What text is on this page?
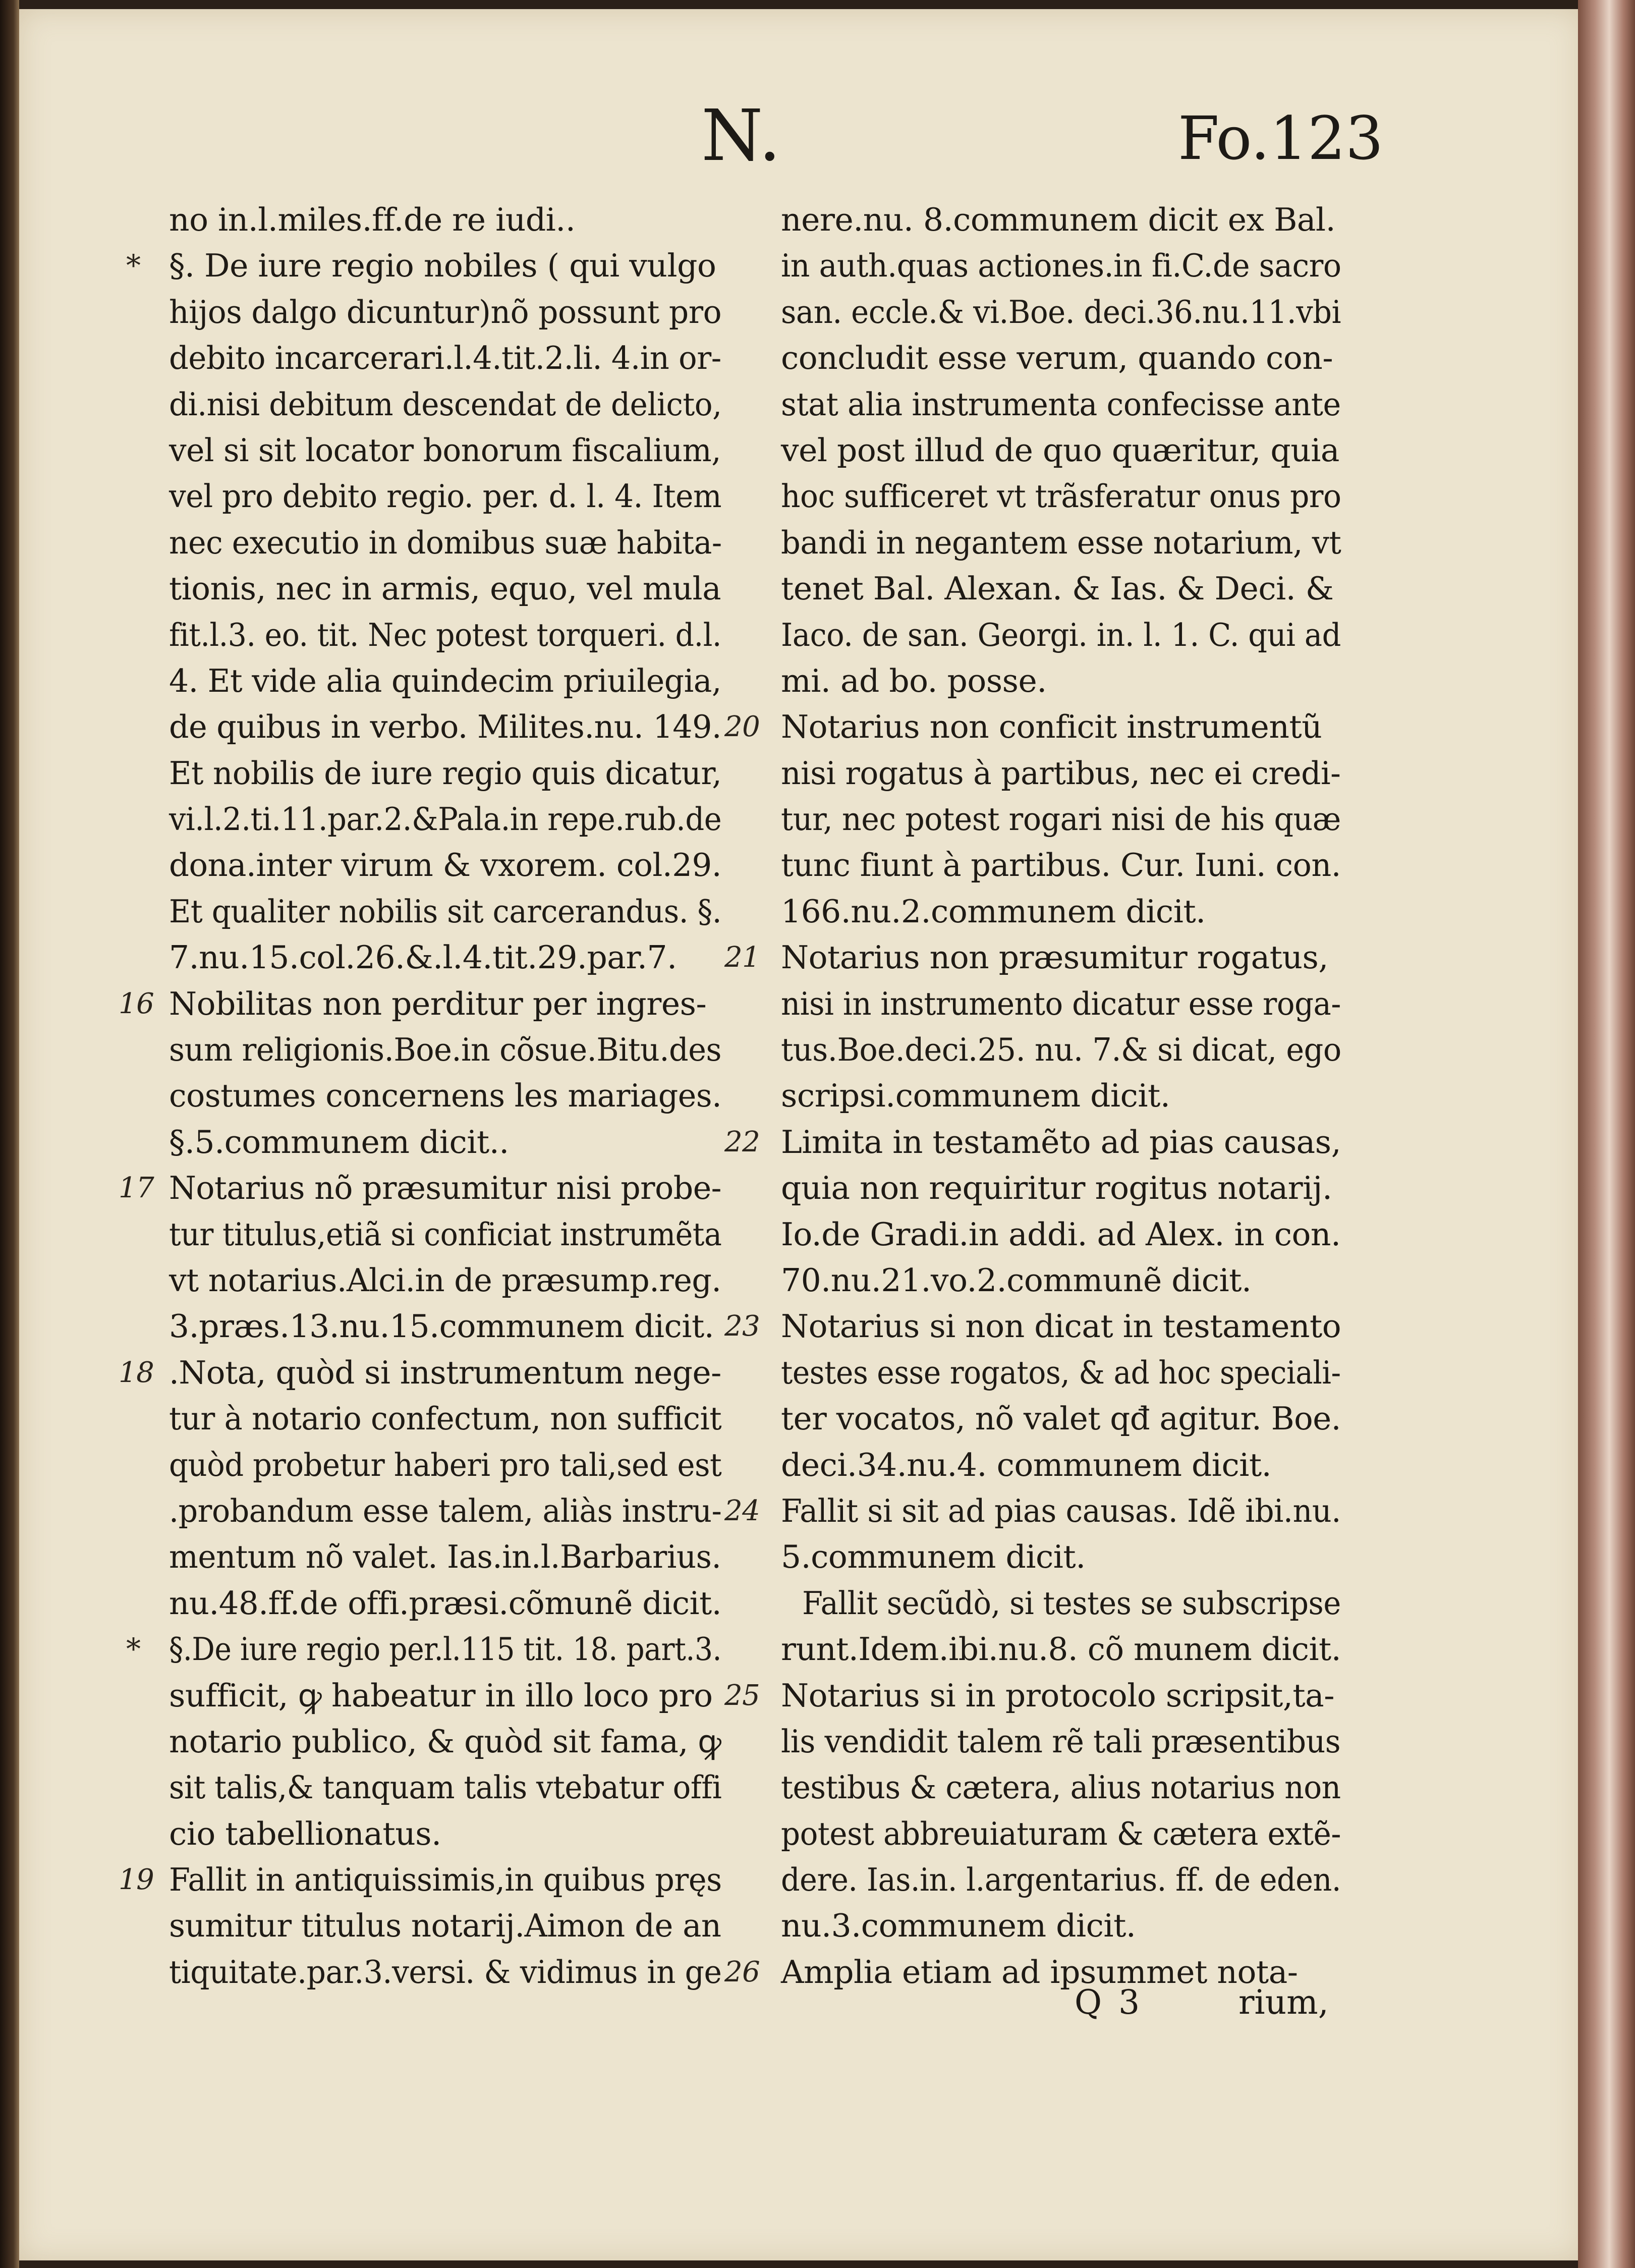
N.	Fo.123
no in.l.miles.ff.de re iudi..
* §. De iure regio nobiles ( qui vulgo
hijos dalgo dicuntur)nõ possunt pro
debito incarcerari.l.4.tit.2.li. 4.in or-
di.nisi debitum descendat de delicto,
vel si sit locator bonorum fiscalium,
vel pro debito regio. per. d. l. 4. Item
nec executio in domibus suæ habita-
tionis, nec in armis, equo, vel mula
fit.l.3. eo. tit. Nec potest torqueri. d.l.
4. Et vide alia quindecim priuilegia,
de quibus in verbo. Milites.nu. 149.
Et nobilis de iure regio quis dicatur,
vi.l.2.ti.11.par.2.&Pala.in repe.rub.de
dona.inter virum & vxorem. col.29.
Et qualiter nobilis sit carcerandus. §.
7.nu.15.col.26.&.l.4.tit.29.par.7.
16 Nobilitas non perditur per ingres-
sum religionis.Boe.in cõsue.Bitu.des
costumes concernens les mariages.
§.5.communem dicit..
17 Notarius nõ præsumitur nisi probe-
tur titulus,etiã si conficiat instrumẽta
vt notarius.Alci.in de præsump.reg.
3.præs.13.nu.15.communem dicit.
18 .Nota, quòd si instrumentum nege-
tur à notario confectum, non sufficit
quòd probetur haberi pro tali,sed est
.probandum esse talem, aliàs instru-
mentum nõ valet. Ias.in.l.Barbarius.
nu.48.ff.de offi.præsi.cõmunẽ dicit.
* §.De iure regio per.l.115 tit. 18. part.3.
sufficit, ꝙ habeatur in illo loco pro
notario publico, & quòd sit fama, ꝙ
sit talis,& tanquam talis vtebatur offi
cio tabellionatus.
19 Fallit in antiquissimis,in quibus pręs
sumitur titulus notarij.Aimon de an
tiquitate.par.3.versi. & vidimus in ge
nere.nu. 8.communem dicit ex Bal.
in auth.quas actiones.in fi.C.de sacro
san. eccle.& vi.Boe. deci.36.nu.11.vbi
concludit esse verum, quando con-
stat alia instrumenta confecisse ante
vel post illud de quo quæritur, quia
hoc sufficeret vt trãsferatur onus pro
bandi in negantem esse notarium, vt
tenet Bal. Alexan. & Ias. & Deci. &
Iaco. de san. Georgi. in. l. 1. C. qui ad
mi. ad bo. posse.
20 Notarius non conficit instrumentũ
nisi rogatus à partibus, nec ei credi-
tur, nec potest rogari nisi de his quæ
tunc fiunt à partibus. Cur. Iuni. con.
166.nu.2.communem dicit.
21 Notarius non præsumitur rogatus,
nisi in instrumento dicatur esse roga-
tus.Boe.deci.25. nu. 7.& si dicat, ego
scripsi.communem dicit.
22 Limita in testamẽto ad pias causas,
quia non requiritur rogitus notarij.
Io.de Gradi.in addi. ad Alex. in con.
70.nu.21.vo.2.communẽ dicit.
23 Notarius si non dicat in testamento
testes esse rogatos, & ad hoc speciali-
ter vocatos, nõ valet qđ agitur. Boe.
deci.34.nu.4. communem dicit.
24 Fallit si sit ad pias causas. Idẽ ibi.nu.
5.communem dicit.
Fallit secũdò, si testes se subscripse
runt.Idem.ibi.nu.8. cõ munem dicit.
25 Notarius si in protocolo scripsit,ta-
lis vendidit talem rẽ tali præsentibus
testibus & cætera, alius notarius non
potest abbreuiaturam & cætera extẽ-
dere. Ias.in. l.argentarius. ff. de eden.
nu.3.communem dicit.
26 Amplia etiam ad ipsummet nota-
Q 3	rium,
